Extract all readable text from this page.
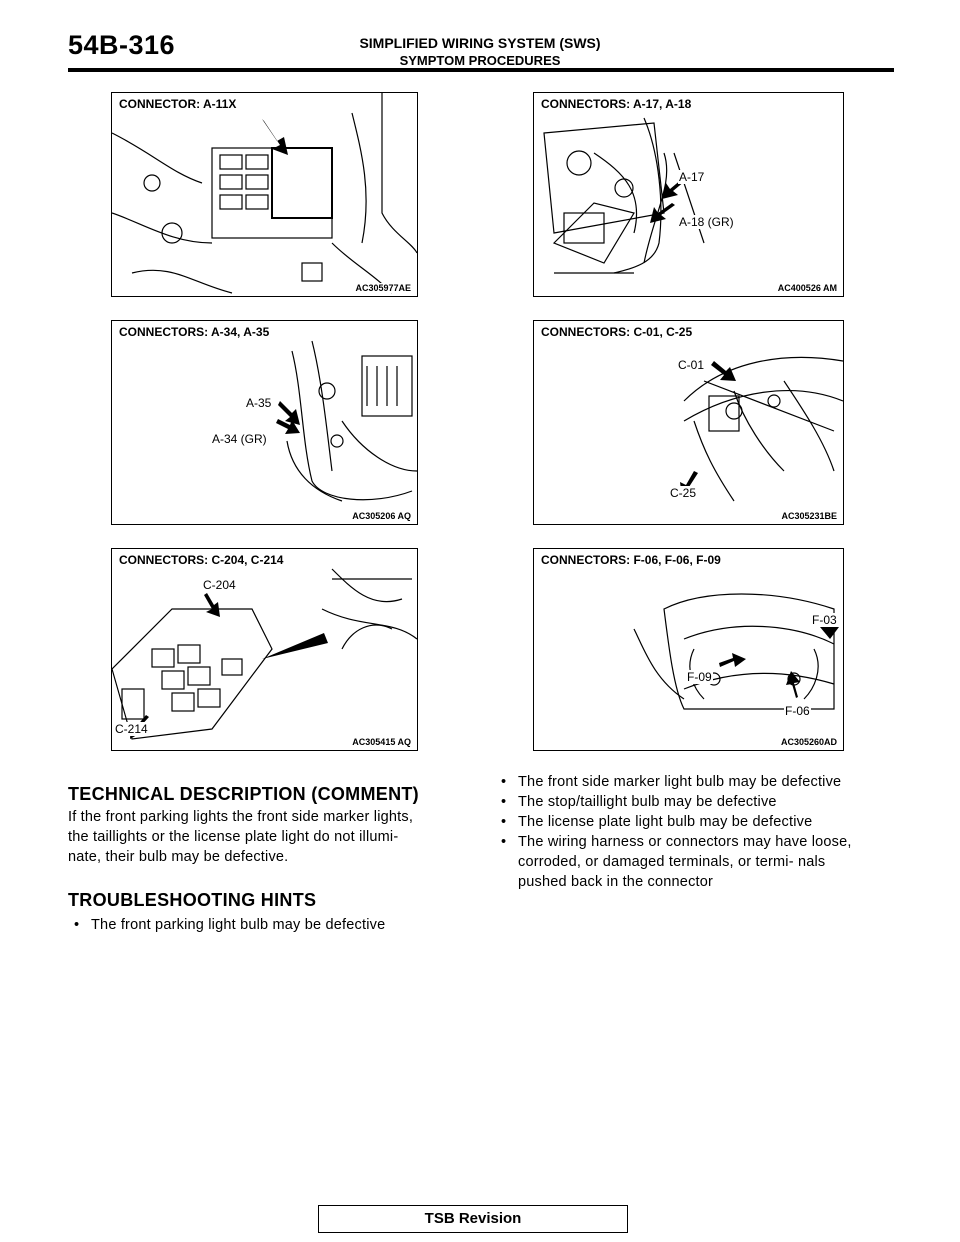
54B-316	SIMPLIFIED WIRING SYSTEM (SWS)
SYMPTOM PROCEDURES
CONNECTOR: A-11X
AC305977AE
CONNECTORS: A-17, A-18
A-17
A-18 (GR)
AC400526 AM
CONNECTORS: A-34, A-35
A-35
A-34 (GR)
AC305206 AQ
CONNECTORS: C-01, C-25
C-01
C-25
AC305231BE
CONNECTORS: C-204, C-214
C-204
C-214
AC305415 AQ
CONNECTORS: F-06, F-06, F-09
F-03
F-09
F-06
AC305260AD
TECHNICAL DESCRIPTION (COMMENT)
If the front parking lights the front side marker lights,
the taillights or the license plate light do not illumi-
nate, their bulb may be defective.
TROUBLESHOOTING HINTS
• The front parking light bulb may be defective
• The front side marker light bulb may be defective
• The stop/taillight bulb may be defective
• The license plate light bulb may be defective
• The wiring harness or connectors may have loose, corroded, or damaged terminals, or termi- nals pushed back in the connector
TSB Revision
